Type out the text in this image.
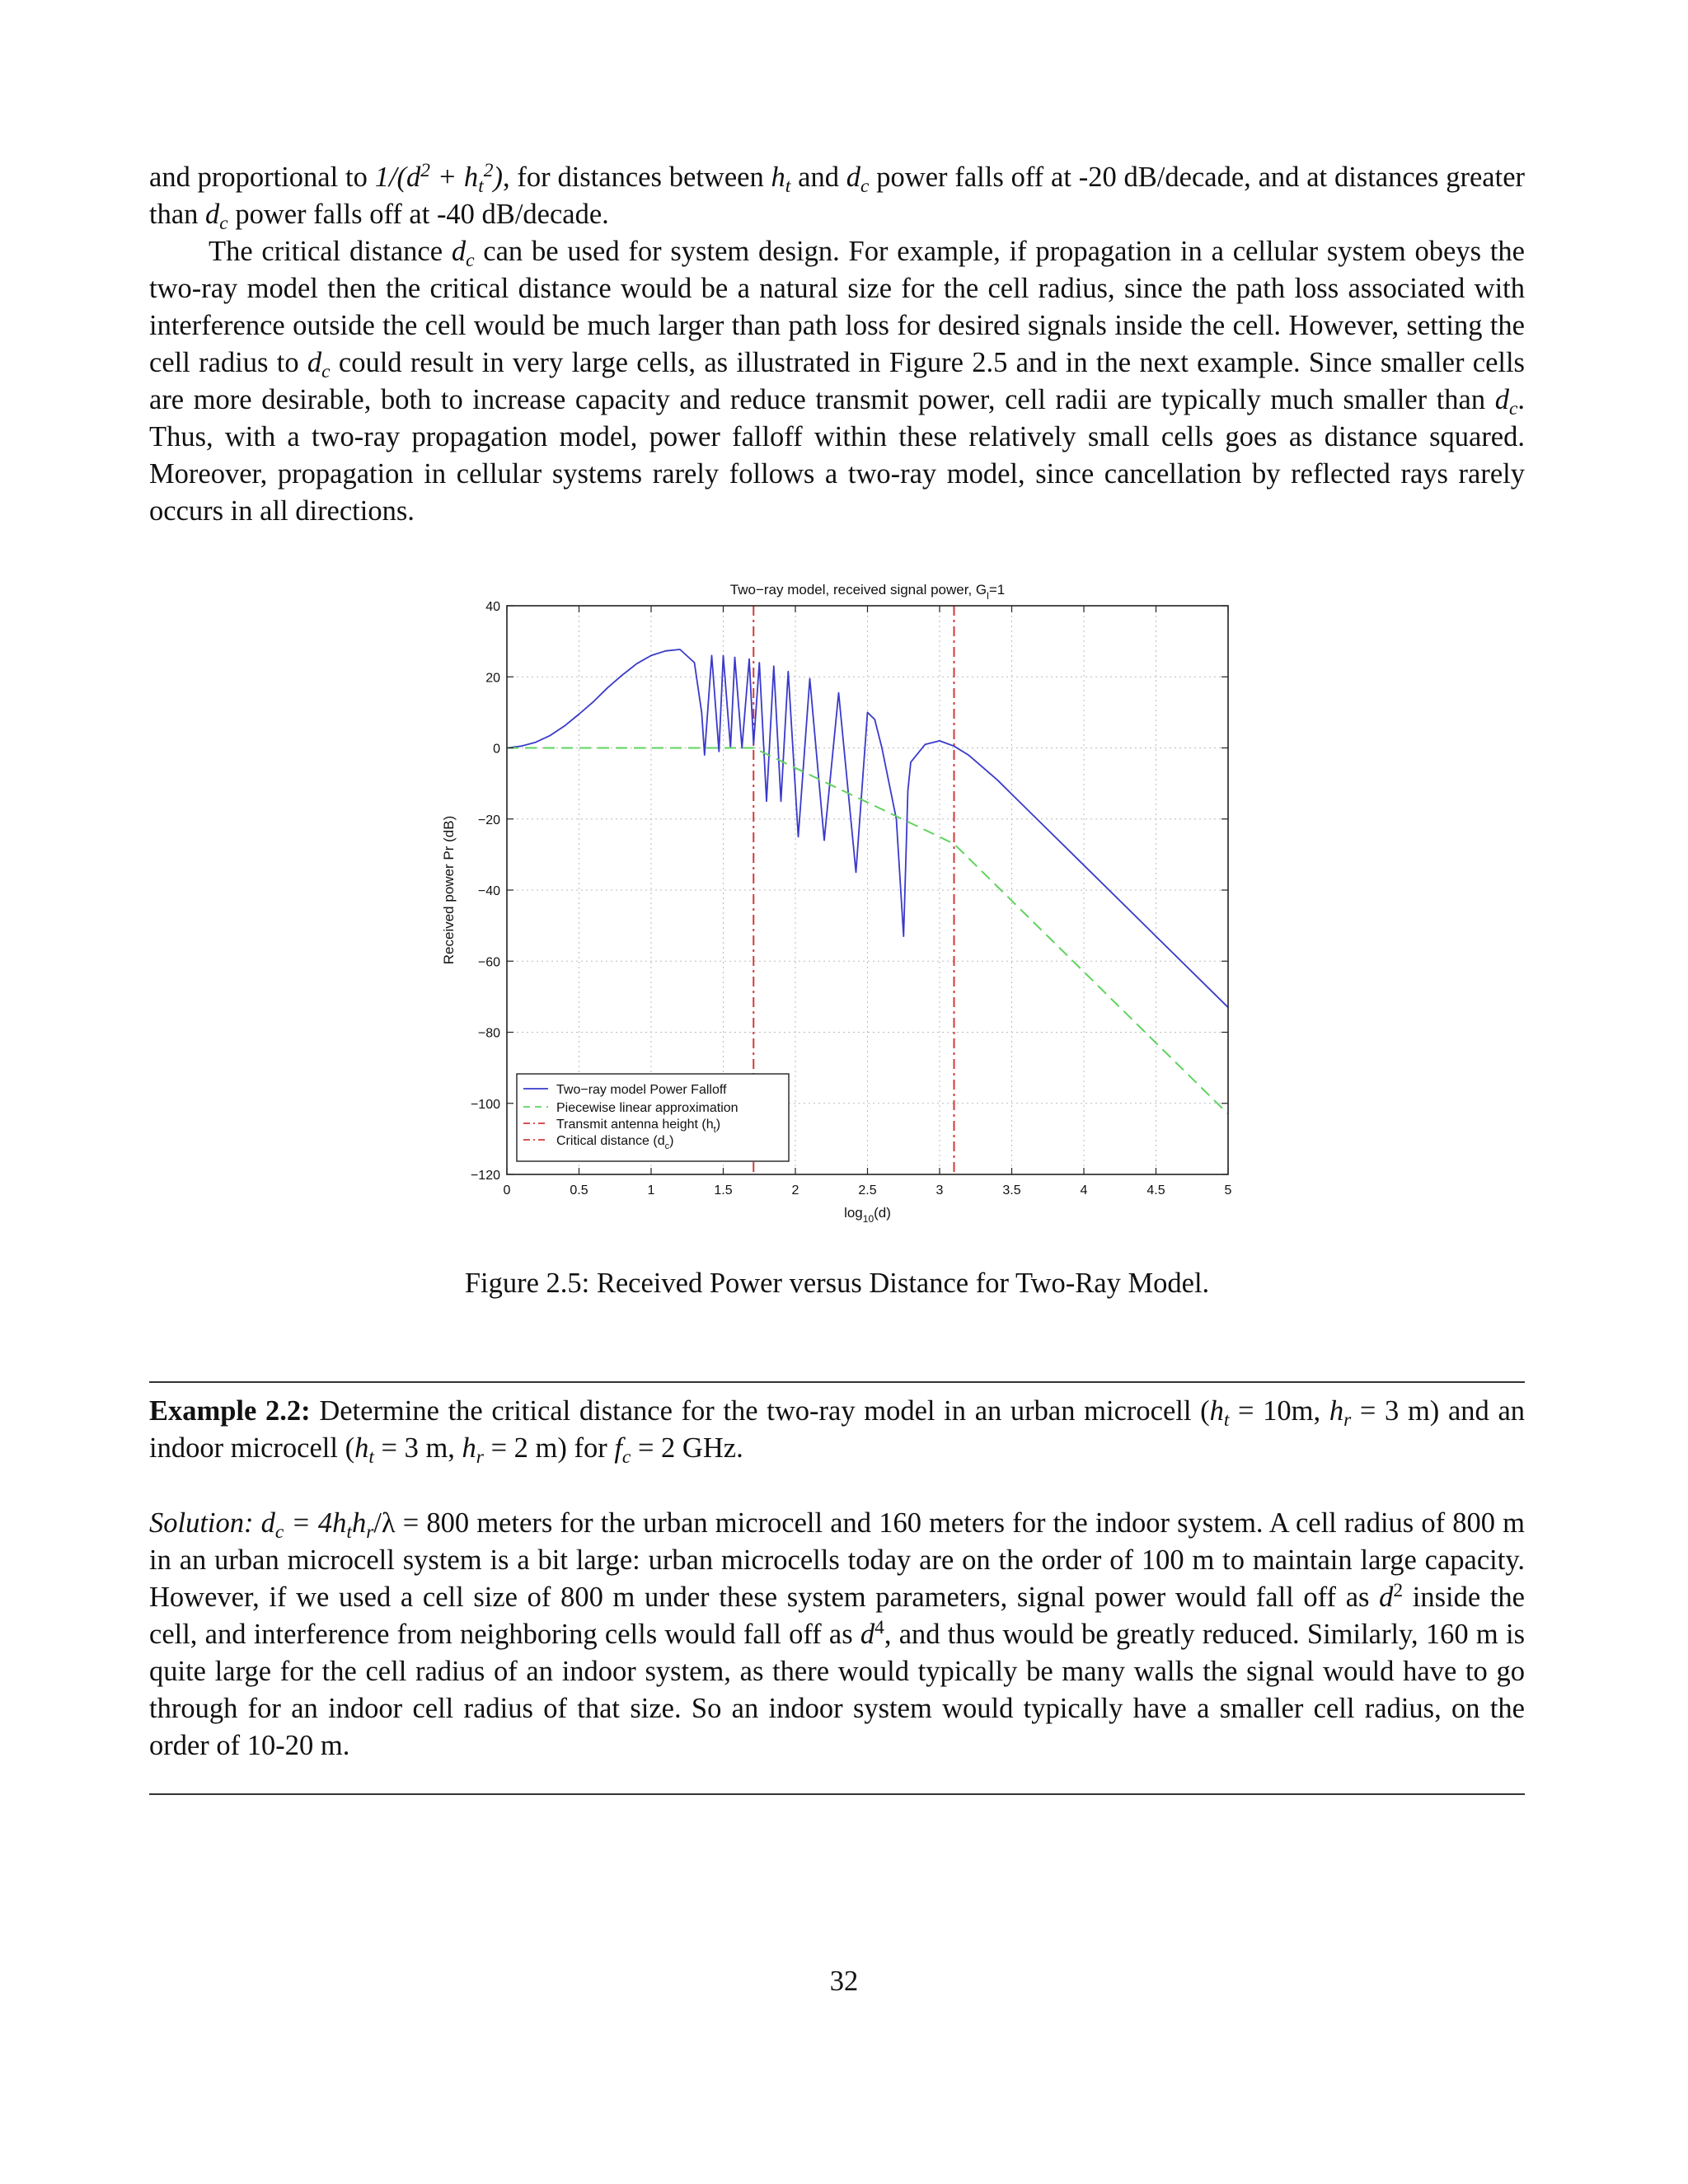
and proportional to $1/(d^2 + ht^2)$, for distances between ht and dc power falls off at -20 dB/decade, and at distances greater than dc power falls off at -40 dB/decade.

The critical distance dc can be used for system design. For example, if propagation in a cellular system obeys the two-ray model then the critical distance would be a natural size for the cell radius, since the path loss associated with interference outside the cell would be much larger than path loss for desired signals inside the cell. However, setting the cell radius to dc could result in very large cells, as illustrated in Figure 2.5 and in the next example. Since smaller cells are more desirable, both to increase capacity and reduce transmit power, cell radii are typically much smaller than dc. Thus, with a two-ray propagation model, power falloff within these relatively small cells goes as distance squared. Moreover, propagation in cellular systems rarely follows a two-ray model, since cancellation by reflected rays rarely occurs in all directions.

0	0.5	1	1.5	2	2.5	3	3.5	4	4.5	5
40
20
0
−20
−40
−60
−80
−100
−120
Two−ray model, received signal power, $G_l=1$
$\log_{10}(d)$
Received power Pr (dB)
Two−ray model Power Falloff
Piecewise linear approximation
Transmit antenna height $(h_t)$
Critical distance $(d_c)$
Figure 2.5: Received Power versus Distance for Two-Ray Model.
Example 2.2: Determine the critical distance for the two-ray model in an urban microcell (ht = 10m, hr = 3 m) and an indoor microcell (ht = 3 m, hr = 2 m) for fc = 2 GHz.
Solution: dc = 4hthr/λ = 800 meters for the urban microcell and 160 meters for the indoor system. A cell radius of 800 m in an urban microcell system is a bit large: urban microcells today are on the order of 100 m to maintain large capacity. However, if we used a cell size of 800 m under these system parameters, signal power would fall off as $d^2$ inside the cell, and interference from neighboring cells would fall off as $d^4$, and thus would be greatly reduced. Similarly, 160 m is quite large for the cell radius of an indoor system, as there would typically be many walls the signal would have to go through for an indoor cell radius of that size. So an indoor system would typically have a smaller cell radius, on the order of 10-20 m.
32
